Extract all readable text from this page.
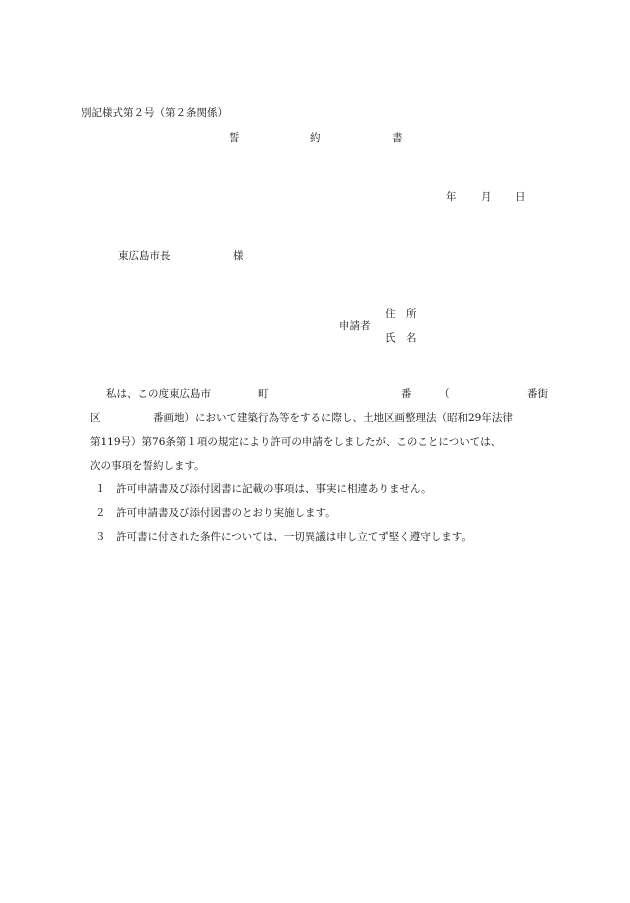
別記様式第２号（第２条関係）
誓	約	書
年 月 日
東広島市長	様
申請者
住　所
氏　名
私は、この度東広島市	町	番	（	番街
区	番画地）において建築行為等をするに際し、土地区画整理法（昭和29年法律
第119号）第76条第１項の規定により許可の申請をしましたが、このことについては、
次の事項を誓約します。
１ 許可申請書及び添付図書に記載の事項は、事実に相違ありません。
２ 許可申請書及び添付図書のとおり実施します。
３ 許可書に付された条件については、一切異議は申し立てず堅く遵守します。
